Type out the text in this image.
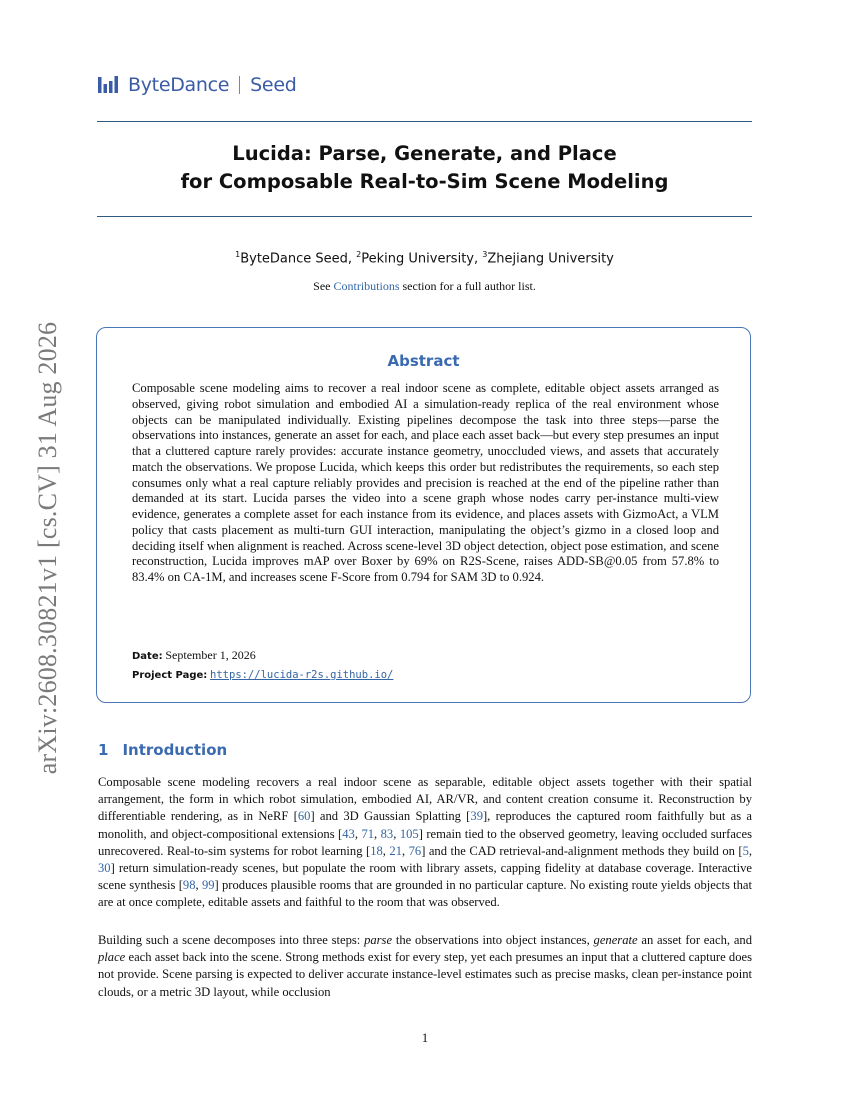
ByteDance Seed
Lucida: Parse, Generate, and Place
for Composable Real-to-Sim Scene Modeling
$^1$ByteDance Seed, $^2$Peking University, $^3$Zhejiang University
See Contributions section for a full author list.
Abstract
Composable scene modeling aims to recover a real indoor scene as complete, editable object assets arranged as observed, giving robot simulation and embodied AI a simulation-ready replica of the real environment whose objects can be manipulated individually. Existing pipelines decompose the task into three steps—parse the observations into instances, generate an asset for each, and place each asset back—but every step presumes an input that a cluttered capture rarely provides: accurate instance geometry, unoccluded views, and assets that accurately match the observations. We propose Lucida, which keeps this order but redistributes the requirements, so each step consumes only what a real capture reliably provides and precision is reached at the end of the pipeline rather than demanded at its start. Lucida parses the video into a scene graph whose nodes carry per-instance multi-view evidence, generates a complete asset for each instance from its evidence, and places assets with GizmoAct, a VLM policy that casts placement as multi-turn GUI interaction, manipulating the object’s gizmo in a closed loop and deciding itself when alignment is reached. Across scene-level 3D object detection, object pose estimation, and scene reconstruction, Lucida improves mAP over Boxer by 69% on R2S-Scene, raises ADD-SB@0.05 from 57.8% to 83.4% on CA-1M, and increases scene F-Score from 0.794 for SAM 3D to 0.924.
Date: September 1, 2026
Project Page: https://lucida-r2s.github.io/
1 Introduction
Composable scene modeling recovers a real indoor scene as separable, editable object assets together with their spatial arrangement, the form in which robot simulation, embodied AI, AR/VR, and content creation consume it. Reconstruction by differentiable rendering, as in NeRF [60] and 3D Gaussian Splatting [39], reproduces the captured room faithfully but as a monolith, and object-compositional extensions [43, 71, 83, 105] remain tied to the observed geometry, leaving occluded surfaces unrecovered. Real-to-sim systems for robot learning [18, 21, 76] and the CAD retrieval-and-alignment methods they build on [5, 30] return simulation-ready scenes, but populate the room with library assets, capping fidelity at database coverage. Interactive scene synthesis [98, 99] produces plausible rooms that are grounded in no particular capture. No existing route yields objects that are at once complete, editable assets and faithful to the room that was observed.
Building such a scene decomposes into three steps: parse the observations into object instances, generate an asset for each, and place each asset back into the scene. Strong methods exist for every step, yet each presumes an input that a cluttered capture does not provide. Scene parsing is expected to deliver accurate instance-level estimates such as precise masks, clean per-instance point clouds, or a metric 3D layout, while occlusion
1
arXiv:2608.30821v1 [cs.CV] 31 Aug 2026
